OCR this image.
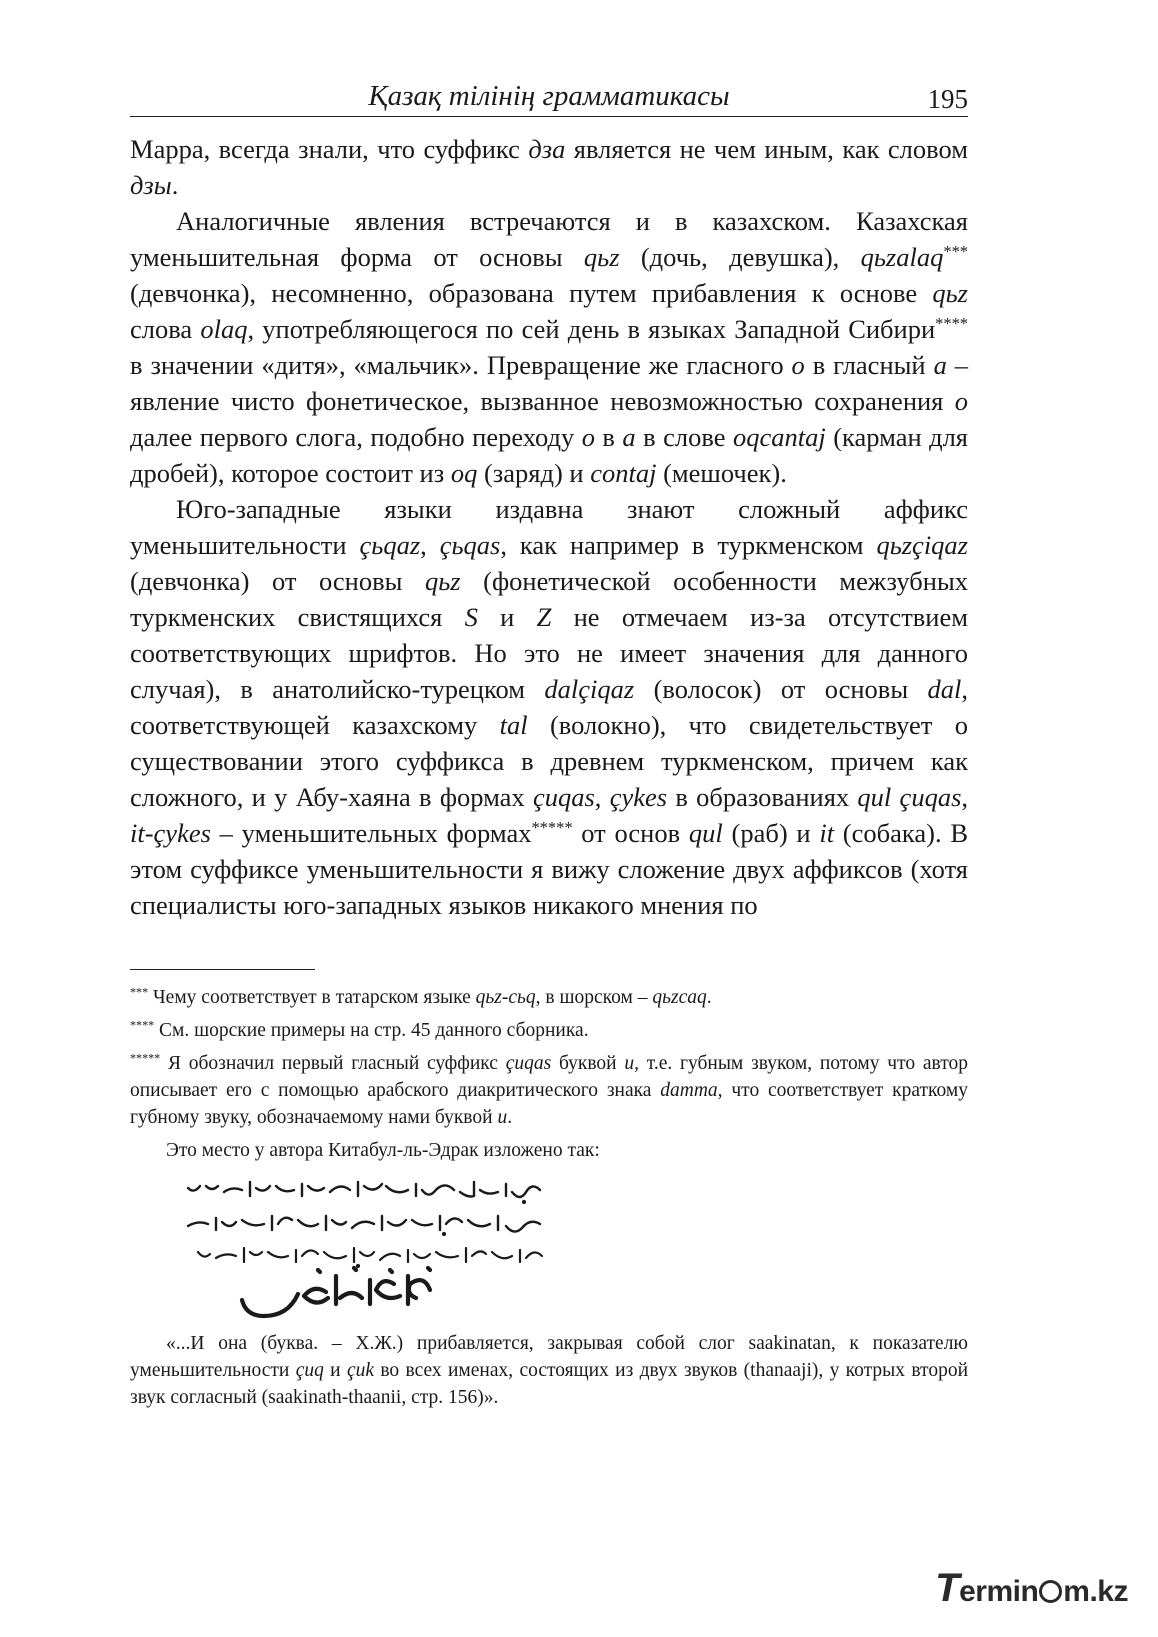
Қазақ тілінің грамматикасы	195

Марра, всегда знали, что суффикс дза является не чем иным, как словом дзы.

Аналогичные явления встречаются и в казахском. Казахская уменьшительная форма от основы qьz (дочь, девушка), qьzalaq*** (девчонка), несомненно, образована путем прибавления к основе qьz слова olaq, употребляющегося по сей день в языках Западной Сибири**** в значении «дитя», «мальчик». Превращение же гласного о в гласный а – явление чисто фонетическое, вызванное невозможностью сохранения о далее первого слога, подобно переходу о в а в слове oqcantaj (карман для дробей), которое состоит из oq (заряд) и contaj (мешочек).

Юго-западные языки издавна знают сложный аффикс уменьшительности çьqaz, çьqas, как например в туркменском qьzçiqaz (девчонка) от основы qьz (фонетической особенности межзубных туркменских свистящихся S и Z не отмечаем из-за отсутствием соответствующих шрифтов. Но это не имеет значения для данного случая), в анатолийско-турецком dalçiqaz (волосок) от основы dal, соответствующей казахскому tal (волокно), что свидетельствует о существовании этого суффикса в древнем туркменском, причем как сложного, и у Абу-хаяна в формах çuqas, çykes в образованиях qul çuqas, it-çykes – уменьшительных формах***** от основ qul (раб) и it (собака). В этом суффиксе уменьшительности я вижу сложение двух аффиксов (хотя специалисты юго-западных языков никакого мнения по

*** Чему соответствует в татарском языке qьz-сьq, в шорском – qьzcaq.

**** См. шорские примеры на стр. 45 данного сборника.

***** Я обозначил первый гласный суффикс çuqas буквой u, т.е. губным звуком, потому что автор описывает его с помощью арабского диакритического знака damma, что соответствует краткому губному звуку, обозначаемому нами буквой u.

Это место у автора Китабул-ль-Эдрак изложено так:

«...И она (буква. – Х.Ж.) прибавляется, закрывая собой слог saakinatan, к показателю уменьшительности çuq и çuk во всех именах, состоящих из двух звуков (thanaaji), у котрых второй звук согласный (saakinath-thaanii, стр. 156)».

Termin m.kz
